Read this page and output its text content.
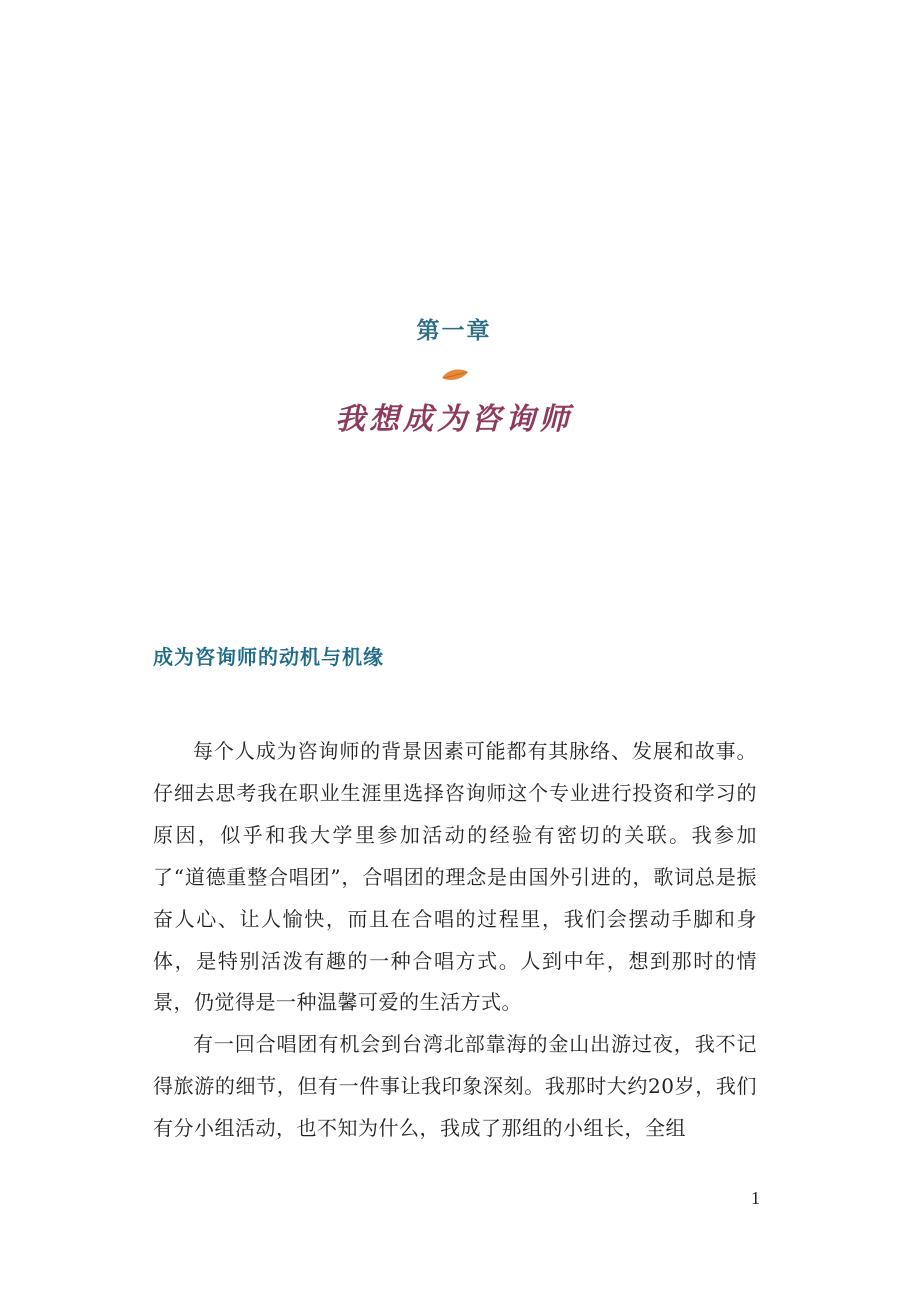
第一章
我想成为咨询师
成为咨询师的动机与机缘

每个人成为咨询师的背景因素可能都有其脉络、发展和故事。仔细去思考我在职业生涯里选择咨询师这个专业进行投资和学习的原因，似乎和我大学里参加活动的经验有密切的关联。我参加了“道德重整合唱团”，合唱团的理念是由国外引进的，歌词总是振奋人心、让人愉快，而且在合唱的过程里，我们会摆动手脚和身体，是特别活泼有趣的一种合唱方式。人到中年，想到那时的情景，仍觉得是一种温馨可爱的生活方式。

有一回合唱团有机会到台湾北部靠海的金山出游过夜，我不记得旅游的细节，但有一件事让我印象深刻。我那时大约20岁，我们有分小组活动，也不知为什么，我成了那组的小组长，全组

1
